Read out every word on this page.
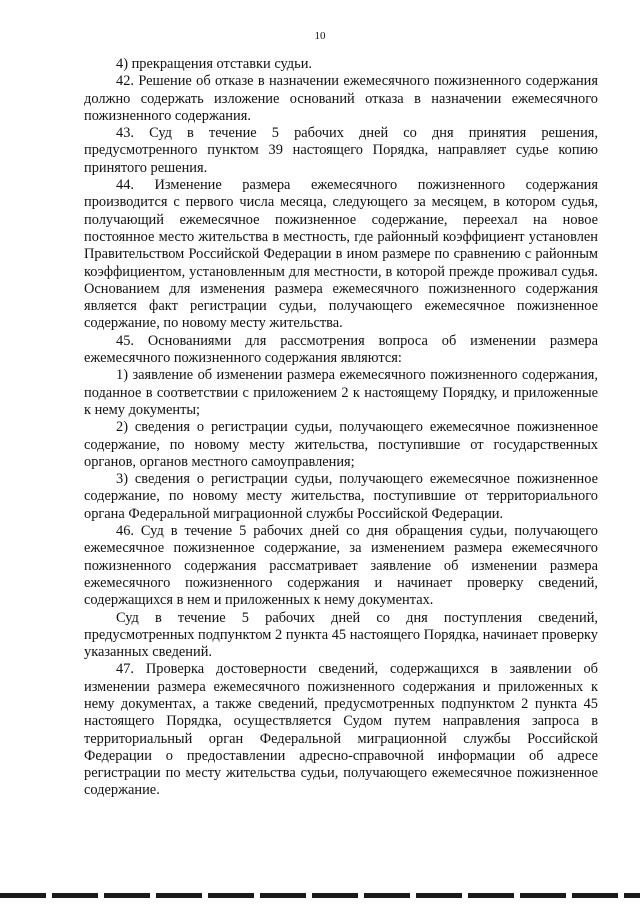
10

4) прекращения отставки судьи.

42. Решение об отказе в назначении ежемесячного пожизненного содержания должно содержать изложение оснований отказа в назначении ежемесячного пожизненного содержания.

43. Суд в течение 5 рабочих дней со дня принятия решения, предусмотренного пунктом 39 настоящего Порядка, направляет судье копию принятого решения.

44. Изменение размера ежемесячного пожизненного содержания производится с первого числа месяца, следующего за месяцем, в котором судья, получающий ежемесячное пожизненное содержание, переехал на новое постоянное место жительства в местность, где районный коэффициент установлен Правительством Российской Федерации в ином размере по сравнению с районным коэффициентом, установленным для местности, в которой прежде проживал судья. Основанием для изменения размера ежемесячного пожизненного содержания является факт регистрации судьи, получающего ежемесячное пожизненное содержание, по новому месту жительства.

45. Основаниями для рассмотрения вопроса об изменении размера ежемесячного пожизненного содержания являются:

1) заявление об изменении размера ежемесячного пожизненного содержания, поданное в соответствии с приложением 2 к настоящему Порядку, и приложенные к нему документы;

2) сведения о регистрации судьи, получающего ежемесячное пожизненное содержание, по новому месту жительства, поступившие от государственных органов, органов местного самоуправления;

3) сведения о регистрации судьи, получающего ежемесячное пожизненное содержание, по новому месту жительства, поступившие от территориального органа Федеральной миграционной службы Российской Федерации.

46. Суд в течение 5 рабочих дней со дня обращения судьи, получающего ежемесячное пожизненное содержание, за изменением размера ежемесячного пожизненного содержания рассматривает заявление об изменении размера ежемесячного пожизненного содержания и начинает проверку сведений, содержащихся в нем и приложенных к нему документах.

Суд в течение 5 рабочих дней со дня поступления сведений, предусмотренных подпунктом 2 пункта 45 настоящего Порядка, начинает проверку указанных сведений.

47. Проверка достоверности сведений, содержащихся в заявлении об изменении размера ежемесячного пожизненного содержания и приложенных к нему документах, а также сведений, предусмотренных подпунктом 2 пункта 45 настоящего Порядка, осуществляется Судом путем направления запроса в территориальный орган Федеральной миграционной службы Российской Федерации о предоставлении адресно-справочной информации об адресе регистрации по месту жительства судьи, получающего ежемесячное пожизненное содержание.
